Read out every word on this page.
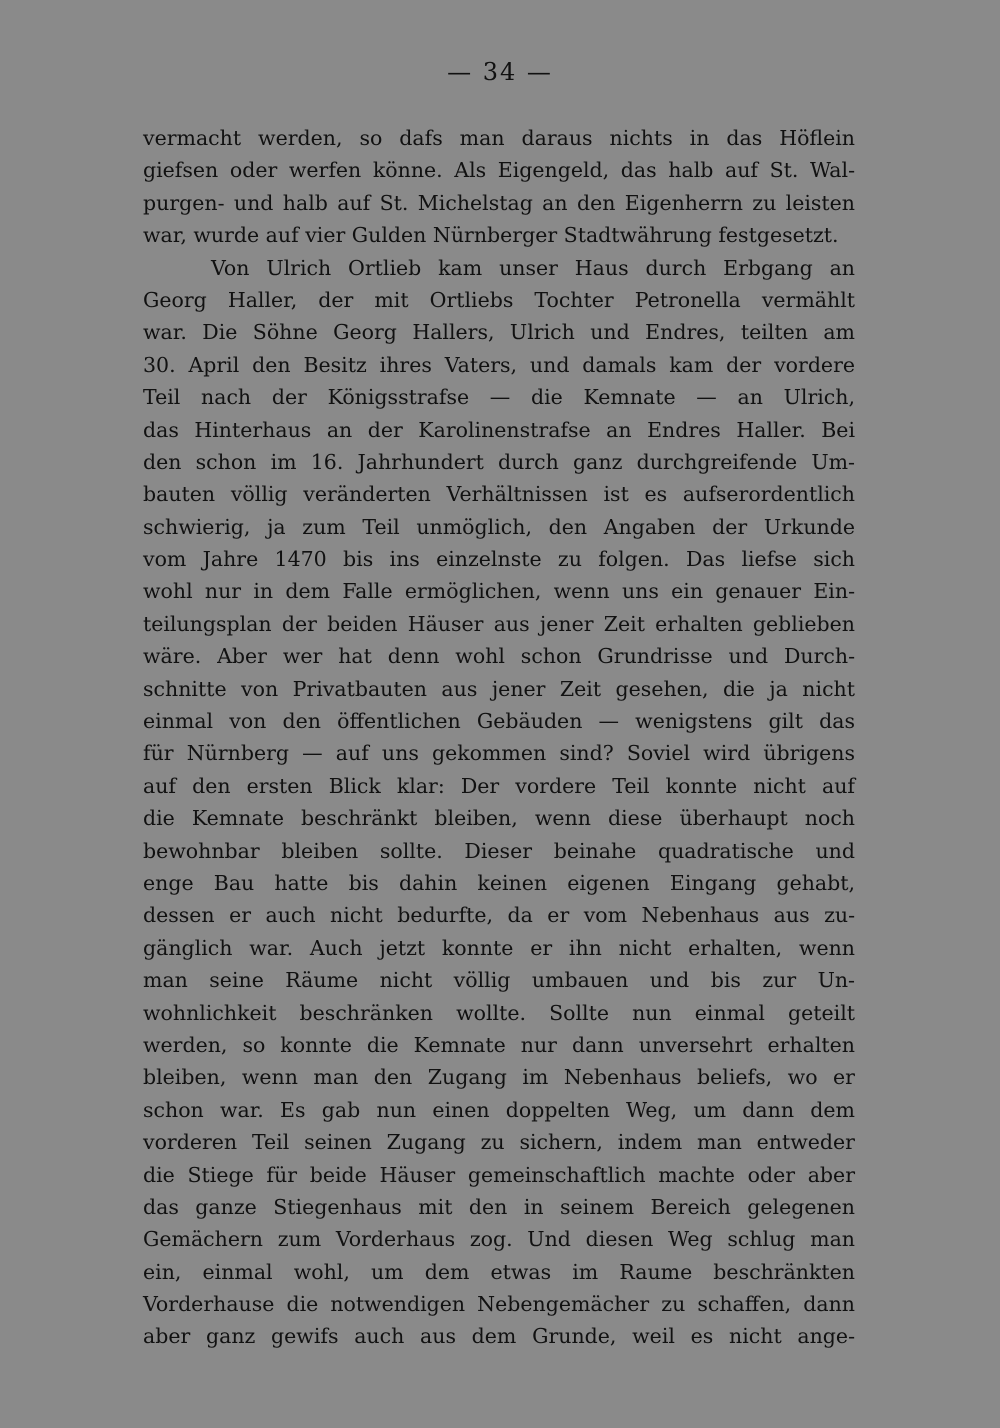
— 34 —
vermacht werden, so dafs man daraus nichts in das Höflein
giefsen oder werfen könne. Als Eigengeld, das halb auf St. Wal-
purgen- und halb auf St. Michelstag an den Eigenherrn zu leisten
war, wurde auf vier Gulden Nürnberger Stadtwährung festgesetzt.
Von Ulrich Ortlieb kam unser Haus durch Erbgang an
Georg Haller, der mit Ortliebs Tochter Petronella vermählt
war. Die Söhne Georg Hallers, Ulrich und Endres, teilten am
30. April den Besitz ihres Vaters, und damals kam der vordere
Teil nach der Königsstrafse — die Kemnate — an Ulrich,
das Hinterhaus an der Karolinenstrafse an Endres Haller. Bei
den schon im 16. Jahrhundert durch ganz durchgreifende Um-
bauten völlig veränderten Verhältnissen ist es aufserordentlich
schwierig, ja zum Teil unmöglich, den Angaben der Urkunde
vom Jahre 1470 bis ins einzelnste zu folgen. Das liefse sich
wohl nur in dem Falle ermöglichen, wenn uns ein genauer Ein-
teilungsplan der beiden Häuser aus jener Zeit erhalten geblieben
wäre. Aber wer hat denn wohl schon Grundrisse und Durch-
schnitte von Privatbauten aus jener Zeit gesehen, die ja nicht
einmal von den öffentlichen Gebäuden — wenigstens gilt das
für Nürnberg — auf uns gekommen sind? Soviel wird übrigens
auf den ersten Blick klar: Der vordere Teil konnte nicht auf
die Kemnate beschränkt bleiben, wenn diese überhaupt noch
bewohnbar bleiben sollte. Dieser beinahe quadratische und
enge Bau hatte bis dahin keinen eigenen Eingang gehabt,
dessen er auch nicht bedurfte, da er vom Nebenhaus aus zu-
gänglich war. Auch jetzt konnte er ihn nicht erhalten, wenn
man seine Räume nicht völlig umbauen und bis zur Un-
wohnlichkeit beschränken wollte. Sollte nun einmal geteilt
werden, so konnte die Kemnate nur dann unversehrt erhalten
bleiben, wenn man den Zugang im Nebenhaus beliefs, wo er
schon war. Es gab nun einen doppelten Weg, um dann dem
vorderen Teil seinen Zugang zu sichern, indem man entweder
die Stiege für beide Häuser gemeinschaftlich machte oder aber
das ganze Stiegenhaus mit den in seinem Bereich gelegenen
Gemächern zum Vorderhaus zog. Und diesen Weg schlug man
ein, einmal wohl, um dem etwas im Raume beschränkten
Vorderhause die notwendigen Nebengemächer zu schaffen, dann
aber ganz gewifs auch aus dem Grunde, weil es nicht ange-
